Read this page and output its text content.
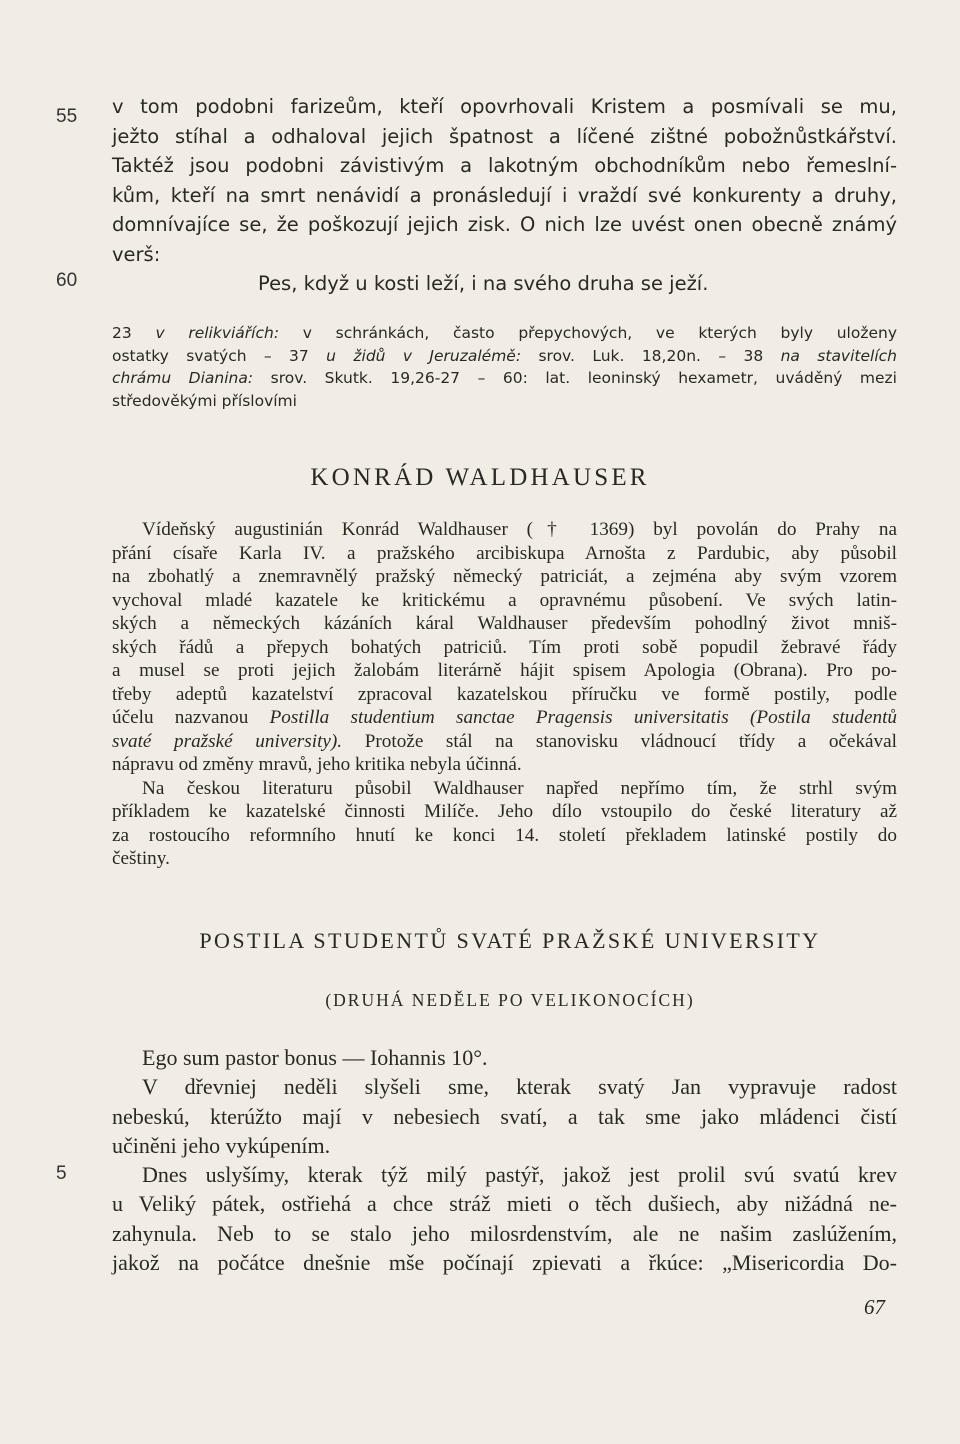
55
60
5
v tom podobni farizeům, kteří opovrhovali Kristem a posmívali se mu,
ježto stíhal a odhaloval jejich špatnost a líčené zištné pobožnůstkářství.
Taktéž jsou podobni závistivým a lakotným obchodníkům nebo řemeslní-
kům, kteří na smrt nenávidí a pronásledují i vraždí své konkurenty a druhy,
domnívajíce se, že poškozují jejich zisk. O nich lze uvést onen obecně známý
verš:
Pes, když u kosti leží, i na svého druha se ježí.
23 v relikviářích: v schránkách, často přepychových, ve kterých byly uloženy
ostatky svatých – 37 u židů v Jeruzalémě: srov. Luk. 18,20n. – 38 na stavitelích
chrámu Dianina: srov. Skutk. 19,26-27 – 60: lat. leoninský hexametr, uváděný mezi
středověkými příslovími
KONRÁD WALDHAUSER
Vídeňský augustinián Konrád Waldhauser († 1369) byl povolán do Prahy na
přání císaře Karla IV. a pražského arcibiskupa Arnošta z Pardubic, aby působil
na zbohatlý a znemravnělý pražský německý patriciát, a zejména aby svým vzorem
vychoval mladé kazatele ke kritickému a opravnému působení. Ve svých latin-
ských a německých kázáních káral Waldhauser především pohodlný život mniš-
ských řádů a přepych bohatých patriciů. Tím proti sobě popudil žebravé řády
a musel se proti jejich žalobám literárně hájit spisem Apologia (Obrana). Pro po-
třeby adeptů kazatelství zpracoval kazatelskou příručku ve formě postily, podle
účelu nazvanou Postilla studentium sanctae Pragensis universitatis (Postila studentů
svaté pražské university). Protože stál na stanovisku vládnoucí třídy a očekával
nápravu od změny mravů, jeho kritika nebyla účinná.
Na českou literaturu působil Waldhauser napřed nepřímo tím, že strhl svým
příkladem ke kazatelské činnosti Milíče. Jeho dílo vstoupilo do české literatury až
za rostoucího reformního hnutí ke konci 14. století překladem latinské postily do
češtiny.
POSTILA STUDENTŮ SVATÉ PRAŽSKÉ UNIVERSITY
(DRUHÁ NEDĚLE PO VELIKONOCÍCH)
Ego sum pastor bonus — Iohannis 10°.
V dřevniej neděli slyšeli sme, kterak svatý Jan vypravuje radost
nebeskú, kterúžto mají v nebesiech svatí, a tak sme jako mládenci čistí
učiněni jeho vykúpením.
Dnes uslyšímy, kterak týž milý pastýř, jakož jest prolil svú svatú krev
u Veliký pátek, ostřiehá a chce stráž mieti o těch dušiech, aby nižádná ne-
zahynula. Neb to se stalo jeho milosrdenstvím, ale ne našim zaslúžením,
jakož na počátce dnešnie mše počínají zpievati a řkúce: „Misericordia Do-
67
